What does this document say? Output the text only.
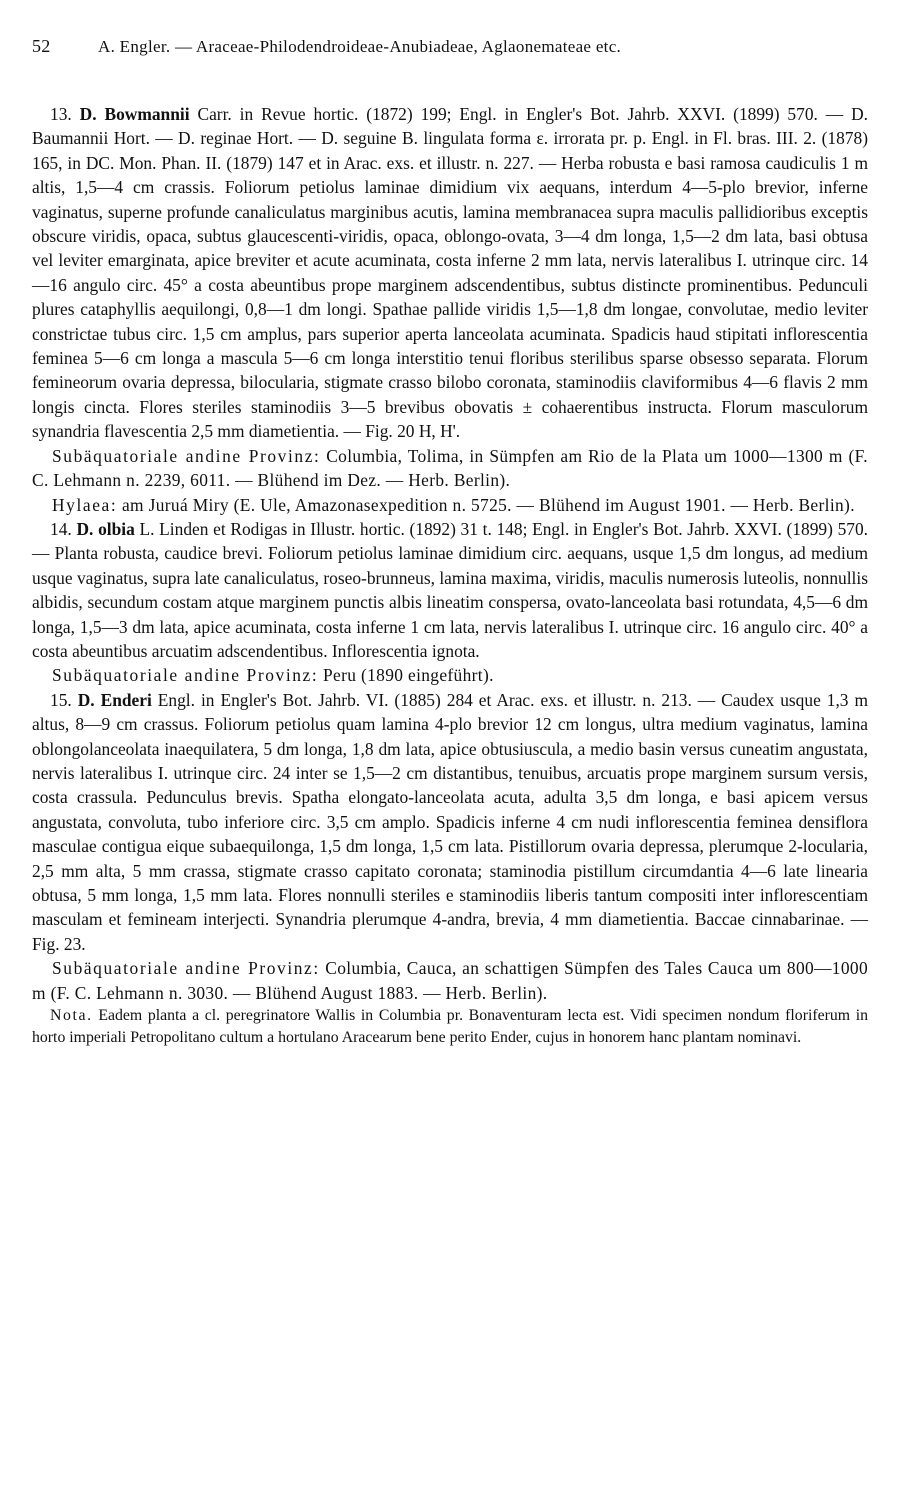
52	A. Engler. — Araceae-Philodendroideae-Anubiadeae, Aglaonemateae etc.

13. D. Bowmannii Carr. in Revue hortic. (1872) 199; Engl. in Engler's Bot. Jahrb. XXVI. (1899) 570. — D. Baumannii Hort. — D. reginae Hort. — D. seguine B. lingulata forma ε. irrorata pr. p. Engl. in Fl. bras. III. 2. (1878) 165, in DC. Mon. Phan. II. (1879) 147 et in Arac. exs. et illustr. n. 227. — Herba robusta e basi ramosa caudiculis 1 m altis, 1,5—4 cm crassis. Foliorum petiolus laminae dimidium vix aequans, interdum 4—5-plo brevior, inferne vaginatus, superne profunde canaliculatus marginibus acutis, lamina membranacea supra maculis pallidioribus exceptis obscure viridis, opaca, subtus glaucescenti-viridis, opaca, oblongo-ovata, 3—4 dm longa, 1,5—2 dm lata, basi obtusa vel leviter emarginata, apice breviter et acute acuminata, costa inferne 2 mm lata, nervis lateralibus I. utrinque circ. 14—16 angulo circ. 45° a costa abeuntibus prope marginem adscendentibus, subtus distincte prominentibus. Pedunculi plures cataphyllis aequilongi, 0,8—1 dm longi. Spathae pallide viridis 1,5—1,8 dm longae, convolutae, medio leviter constrictae tubus circ. 1,5 cm amplus, pars superior aperta lanceolata acuminata. Spadicis haud stipitati inflorescentia feminea 5—6 cm longa a mascula 5—6 cm longa interstitio tenui floribus sterilibus sparse obsesso separata. Florum femineorum ovaria depressa, bilocularia, stigmate crasso bilobo coronata, staminodiis claviformibus 4—6 flavis 2 mm longis cincta. Flores steriles staminodiis 3—5 brevibus obovatis ± cohaerentibus instructa. Florum masculorum synandria flavescentia 2,5 mm diametientia. — Fig. 20 H, H'.

Subäquatoriale andine Provinz: Columbia, Tolima, in Sümpfen am Rio de la Plata um 1000—1300 m (F. C. Lehmann n. 2239, 6011. — Blühend im Dez. — Herb. Berlin).

Hylaea: am Juruá Miry (E. Ule, Amazonasexpedition n. 5725. — Blühend im August 1901. — Herb. Berlin).

14. D. olbia L. Linden et Rodigas in Illustr. hortic. (1892) 31 t. 148; Engl. in Engler's Bot. Jahrb. XXVI. (1899) 570. — Planta robusta, caudice brevi. Foliorum petiolus laminae dimidium circ. aequans, usque 1,5 dm longus, ad medium usque vaginatus, supra late canaliculatus, roseo-brunneus, lamina maxima, viridis, maculis numerosis luteolis, nonnullis albidis, secundum costam atque marginem punctis albis lineatim conspersa, ovato-lanceolata basi rotundata, 4,5—6 dm longa, 1,5—3 dm lata, apice acuminata, costa inferne 1 cm lata, nervis lateralibus I. utrinque circ. 16 angulo circ. 40° a costa abeuntibus arcuatim adscendentibus. Inflorescentia ignota.

Subäquatoriale andine Provinz: Peru (1890 eingeführt).

15. D. Enderi Engl. in Engler's Bot. Jahrb. VI. (1885) 284 et Arac. exs. et illustr. n. 213. — Caudex usque 1,3 m altus, 8—9 cm crassus. Foliorum petiolus quam lamina 4-plo brevior 12 cm longus, ultra medium vaginatus, lamina oblongolanceolata inaequilatera, 5 dm longa, 1,8 dm lata, apice obtusiuscula, a medio basin versus cuneatim angustata, nervis lateralibus I. utrinque circ. 24 inter se 1,5—2 cm distantibus, tenuibus, arcuatis prope marginem sursum versis, costa crassula. Pedunculus brevis. Spatha elongato-lanceolata acuta, adulta 3,5 dm longa, e basi apicem versus angustata, convoluta, tubo inferiore circ. 3,5 cm amplo. Spadicis inferne 4 cm nudi inflorescentia feminea densiflora masculae contigua eique subaequilonga, 1,5 dm longa, 1,5 cm lata. Pistillorum ovaria depressa, plerumque 2-locularia, 2,5 mm alta, 5 mm crassa, stigmate crasso capitato coronata; staminodia pistillum circumdantia 4—6 late linearia obtusa, 5 mm longa, 1,5 mm lata. Flores nonnulli steriles e staminodiis liberis tantum compositi inter inflorescentiam masculam et femineam interjecti. Synandria plerumque 4-andra, brevia, 4 mm diametientia. Baccae cinnabarinae. — Fig. 23.

Subäquatoriale andine Provinz: Columbia, Cauca, an schattigen Sümpfen des Tales Cauca um 800—1000 m (F. C. Lehmann n. 3030. — Blühend August 1883. — Herb. Berlin).

Nota. Eadem planta a cl. peregrinatore Wallis in Columbia pr. Bonaventuram lecta est. Vidi specimen nondum floriferum in horto imperiali Petropolitano cultum a hortulano Aracearum bene perito Ender, cujus in honorem hanc plantam nominavi.
